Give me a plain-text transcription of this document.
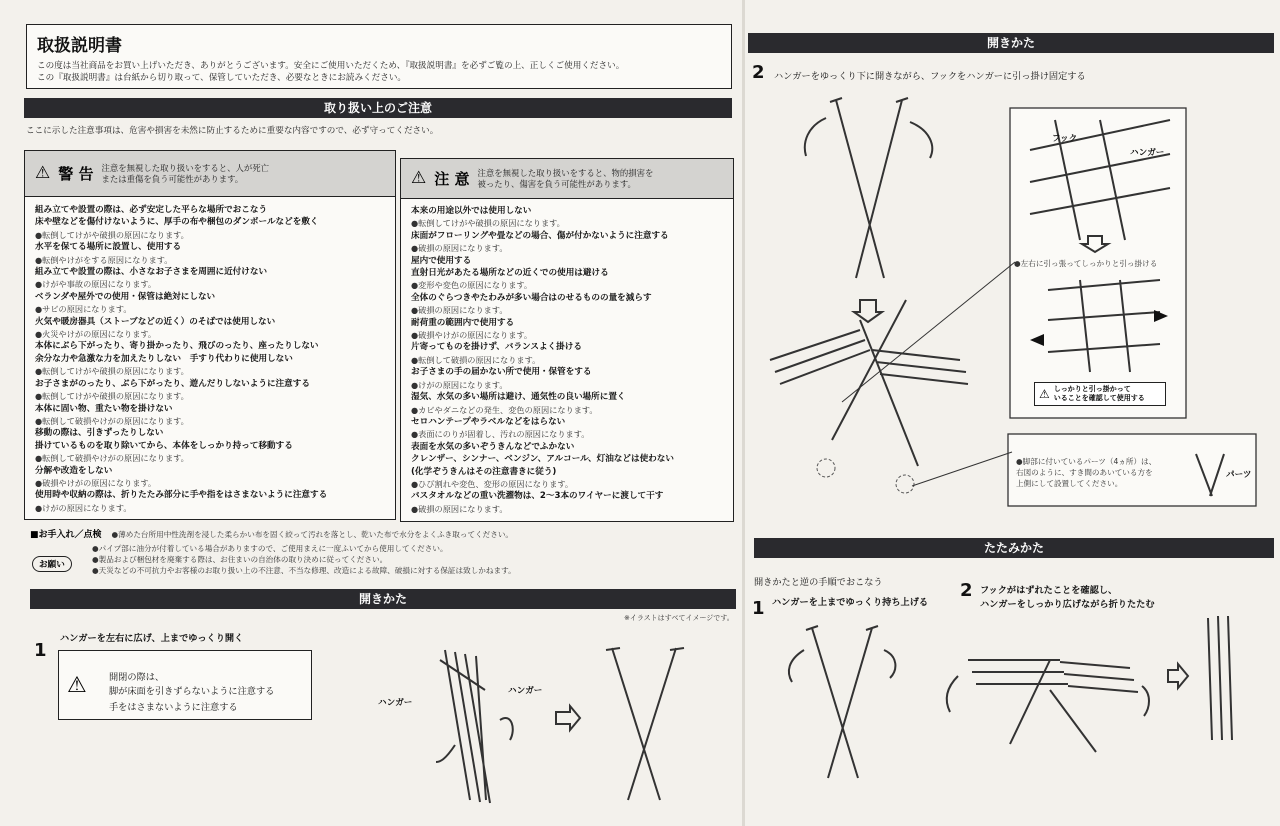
取扱説明書

この度は当社商品をお買い上げいただき、ありがとうございます。安全にご使用いただくため、『取扱説明書』を必ずご覧の上、正しくご使用ください。

この『取扱説明書』は台紙から切り取って、保管していただき、必要なときにお読みください。

取り扱い上のご注意
ここに示した注意事項は、危害や損害を未然に防止するために重要な内容ですので、必ず守ってください。
⚠ 警 告 注意を無視した取り扱いをすると、人が死亡
または重傷を負う可能性があります。
組み立てや設置の際は、必ず安定した平らな場所でおこなう
床や壁などを傷付けないように、厚手の布や梱包のダンボールなどを敷く
●転倒してけがや破損の原因になります。
水平を保てる場所に設置し、使用する
●転倒やけがをする原因になります。
組み立てや設置の際は、小さなお子さまを周囲に近付けない
●けがや事故の原因になります。
ベランダや屋外での使用・保管は絶対にしない
●サビの原因になります。
火気や暖房器具（ストーブなどの近く）のそばでは使用しない
●火災やけがの原因になります。
本体にぶら下がったり、寄り掛かったり、飛びのったり、座ったりしない
余分な力や急激な力を加えたりしない　手すり代わりに使用しない
●転倒してけがや破損の原因になります。
お子さまがのったり、ぶら下がったり、遊んだりしないように注意する
●転倒してけがや破損の原因になります。
本体に固い物、重たい物を掛けない
●転倒して破損やけがの原因になります。
移動の際は、引きずったりしない
掛けているものを取り除いてから、本体をしっかり持って移動する
●転倒して破損やけがの原因になります。
分解や改造をしない
●破損やけがの原因になります。
使用時や収納の際は、折りたたみ部分に手や指をはさまないように注意する
●けがの原因になります。
⚠ 注 意 注意を無視した取り扱いをすると、物的損害を
被ったり、傷害を負う可能性があります。
本来の用途以外では使用しない
●転倒してけがや破損の原因になります。
床面がフローリングや畳などの場合、傷が付かないように注意する
●破損の原因になります。
屋内で使用する
直射日光があたる場所などの近くでの使用は避ける
●変形や変色の原因になります。
全体のぐらつきやたわみが多い場合はのせるものの量を減らす
●破損の原因になります。
耐荷重の範囲内で使用する
●破損やけがの原因になります。
片寄ってものを掛けず、バランスよく掛ける
●転倒して破損の原因になります。
お子さまの手の届かない所で使用・保管をする
●けがの原因になります。
湿気、水気の多い場所は避け、通気性の良い場所に置く
●カビやダニなどの発生、変色の原因になります。
セロハンテープやラベルなどをはらない
●表面にのりが固着し、汚れの原因になります。
表面を水気の多いぞうきんなどでふかない
クレンザー、シンナー、ベンジン、アルコール、灯油などは使わない
(化学ぞうきんはその注意書きに従う)
●ひび割れや変色、変形の原因になります。
バスタオルなどの重い洗濯物は、2〜3本のワイヤーに渡して干す
●破損の原因になります。
■お手入れ／点検 ●薄めた台所用中性洗剤を浸した柔らかい布を固く絞って汚れを落とし、乾いた布で水分をよくふき取ってください。
お願い
●パイプ部に油分が付着している場合がありますので、ご使用まえに一度ふいてから使用してください。
●製品および梱包材を廃棄する際は、お住まいの自治体の取り決めに従ってください。
●天災などの不可抗力やお客様のお取り扱い上の不注意、不当な修理、改造による故障、破損に対する保証は致しかねます。
開きかた
※イラストはすべてイメージです。
1
ハンガーを左右に広げ、上までゆっくり開く
⚠ 開閉の際は、
脚が床面を引きずらないように注意する
手をはさまないように注意する	ハンガー
ハンガー
開きかた
2 ハンガーをゆっくり下に開きながら、フックをハンガーに引っ掛け固定する
フック
ハンガー
●左右に引っ張ってしっかりと引っ掛ける
⚠ しっかりと引っ掛かって
いることを確認して使用する
●脚部に付いているパーツ（4ヵ所）は、
右図のように、すき間のあいている方を
上側にして設置してください。
パーツ
たたみかた
開きかたと逆の手順でおこなう
1 ハンガーを上までゆっくり持ち上げる
2 フックがはずれたことを確認し、
ハンガーをしっかり広げながら折りたたむ
